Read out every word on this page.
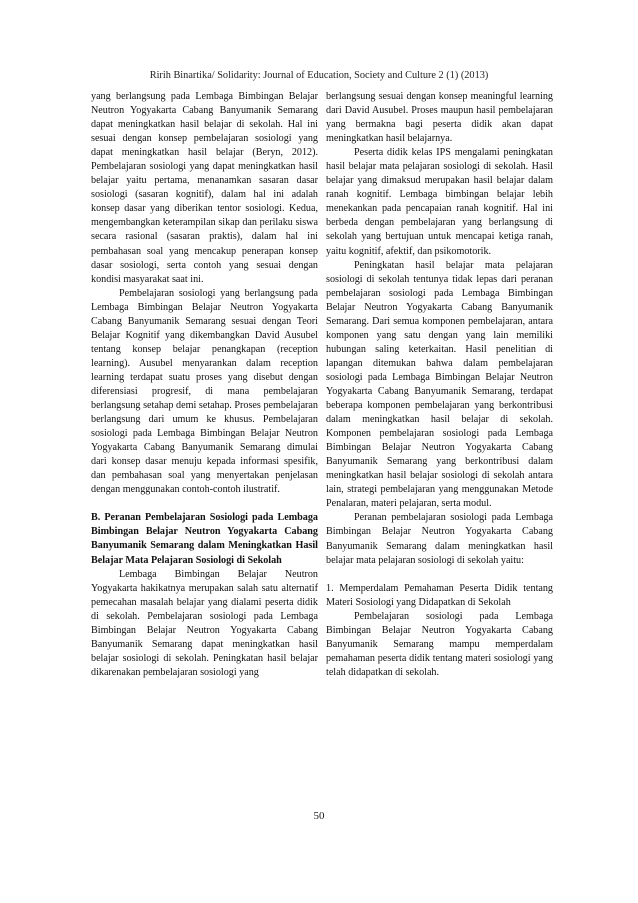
Ririh Binartika/ Solidarity: Journal of Education, Society and Culture 2 (1) (2013)

yang berlangsung pada Lembaga Bimbingan Belajar Neutron Yogyakarta Cabang Banyumanik Semarang dapat meningkatkan hasil belajar di sekolah. Hal ini sesuai dengan konsep pembelajaran sosiologi yang dapat meningkatkan hasil belajar (Beryn, 2012). Pembelajaran sosiologi yang dapat meningkatkan hasil belajar yaitu pertama, menanamkan sasaran dasar sosiologi (sasaran kognitif), dalam hal ini adalah konsep dasar yang diberikan tentor sosiologi. Kedua, mengembangkan keterampilan sikap dan perilaku siswa secara rasional (sasaran praktis), dalam hal ini pembahasan soal yang mencakup penerapan konsep dasar sosiologi, serta contoh yang sesuai dengan kondisi masyarakat saat ini.

Pembelajaran sosiologi yang berlangsung pada Lembaga Bimbingan Belajar Neutron Yogyakarta Cabang Banyumanik Semarang sesuai dengan Teori Belajar Kognitif yang dikembangkan David Ausubel tentang konsep belajar penangkapan (reception learning). Ausubel menyarankan dalam reception learning terdapat suatu proses yang disebut dengan diferensiasi progresif, di mana pembelajaran berlangsung setahap demi setahap. Proses pembelajaran berlangsung dari umum ke khusus. Pembelajaran sosiologi pada Lembaga Bimbingan Belajar Neutron Yogyakarta Cabang Banyumanik Semarang dimulai dari konsep dasar menuju kepada informasi spesifik, dan pembahasan soal yang menyertakan penjelasan dengan menggunakan contoh-contoh ilustratif.

B. Peranan Pembelajaran Sosiologi pada Lembaga Bimbingan Belajar Neutron Yogyakarta Cabang Banyumanik Semarang dalam Meningkatkan Hasil Belajar Mata Pelajaran Sosiologi di Sekolah

Lembaga Bimbingan Belajar Neutron Yogyakarta hakikatnya merupakan salah satu alternatif pemecahan masalah belajar yang dialami peserta didik di sekolah. Pembelajaran sosiologi pada Lembaga Bimbingan Belajar Neutron Yogyakarta Cabang Banyumanik Semarang dapat meningkatkan hasil belajar sosiologi di sekolah. Peningkatan hasil belajar dikarenakan pembelajaran sosiologi yang

berlangsung sesuai dengan konsep meaningful learning dari David Ausubel. Proses maupun hasil pembelajaran yang bermakna bagi peserta didik akan dapat meningkatkan hasil belajarnya.

Peserta didik kelas IPS mengalami peningkatan hasil belajar mata pelajaran sosiologi di sekolah. Hasil belajar yang dimaksud merupakan hasil belajar dalam ranah kognitif. Lembaga bimbingan belajar lebih menekankan pada pencapaian ranah kognitif. Hal ini berbeda dengan pembelajaran yang berlangsung di sekolah yang bertujuan untuk mencapai ketiga ranah, yaitu kognitif, afektif, dan psikomotorik.

Peningkatan hasil belajar mata pelajaran sosiologi di sekolah tentunya tidak lepas dari peranan pembelajaran sosiologi pada Lembaga Bimbingan Belajar Neutron Yogyakarta Cabang Banyumanik Semarang. Dari semua komponen pembelajaran, antara komponen yang satu dengan yang lain memiliki hubungan saling keterkaitan. Hasil penelitian di lapangan ditemukan bahwa dalam pembelajaran sosiologi pada Lembaga Bimbingan Belajar Neutron Yogyakarta Cabang Banyumanik Semarang, terdapat beberapa komponen pembelajaran yang berkontribusi dalam meningkatkan hasil belajar di sekolah. Komponen pembelajaran sosiologi pada Lembaga Bimbingan Belajar Neutron Yogyakarta Cabang Banyumanik Semarang yang berkontribusi dalam meningkatkan hasil belajar sosiologi di sekolah antara lain, strategi pembelajaran yang menggunakan Metode Penalaran, materi pelajaran, serta modul.

Peranan pembelajaran sosiologi pada Lembaga Bimbingan Belajar Neutron Yogyakarta Cabang Banyumanik Semarang dalam meningkatkan hasil belajar mata pelajaran sosiologi di sekolah yaitu:

1. Memperdalam Pemahaman Peserta Didik tentang Materi Sosiologi yang Didapatkan di Sekolah

Pembelajaran sosiologi pada Lembaga Bimbingan Belajar Neutron Yogyakarta Cabang Banyumanik Semarang mampu memperdalam pemahaman peserta didik tentang materi sosiologi yang telah didapatkan di sekolah.

50
